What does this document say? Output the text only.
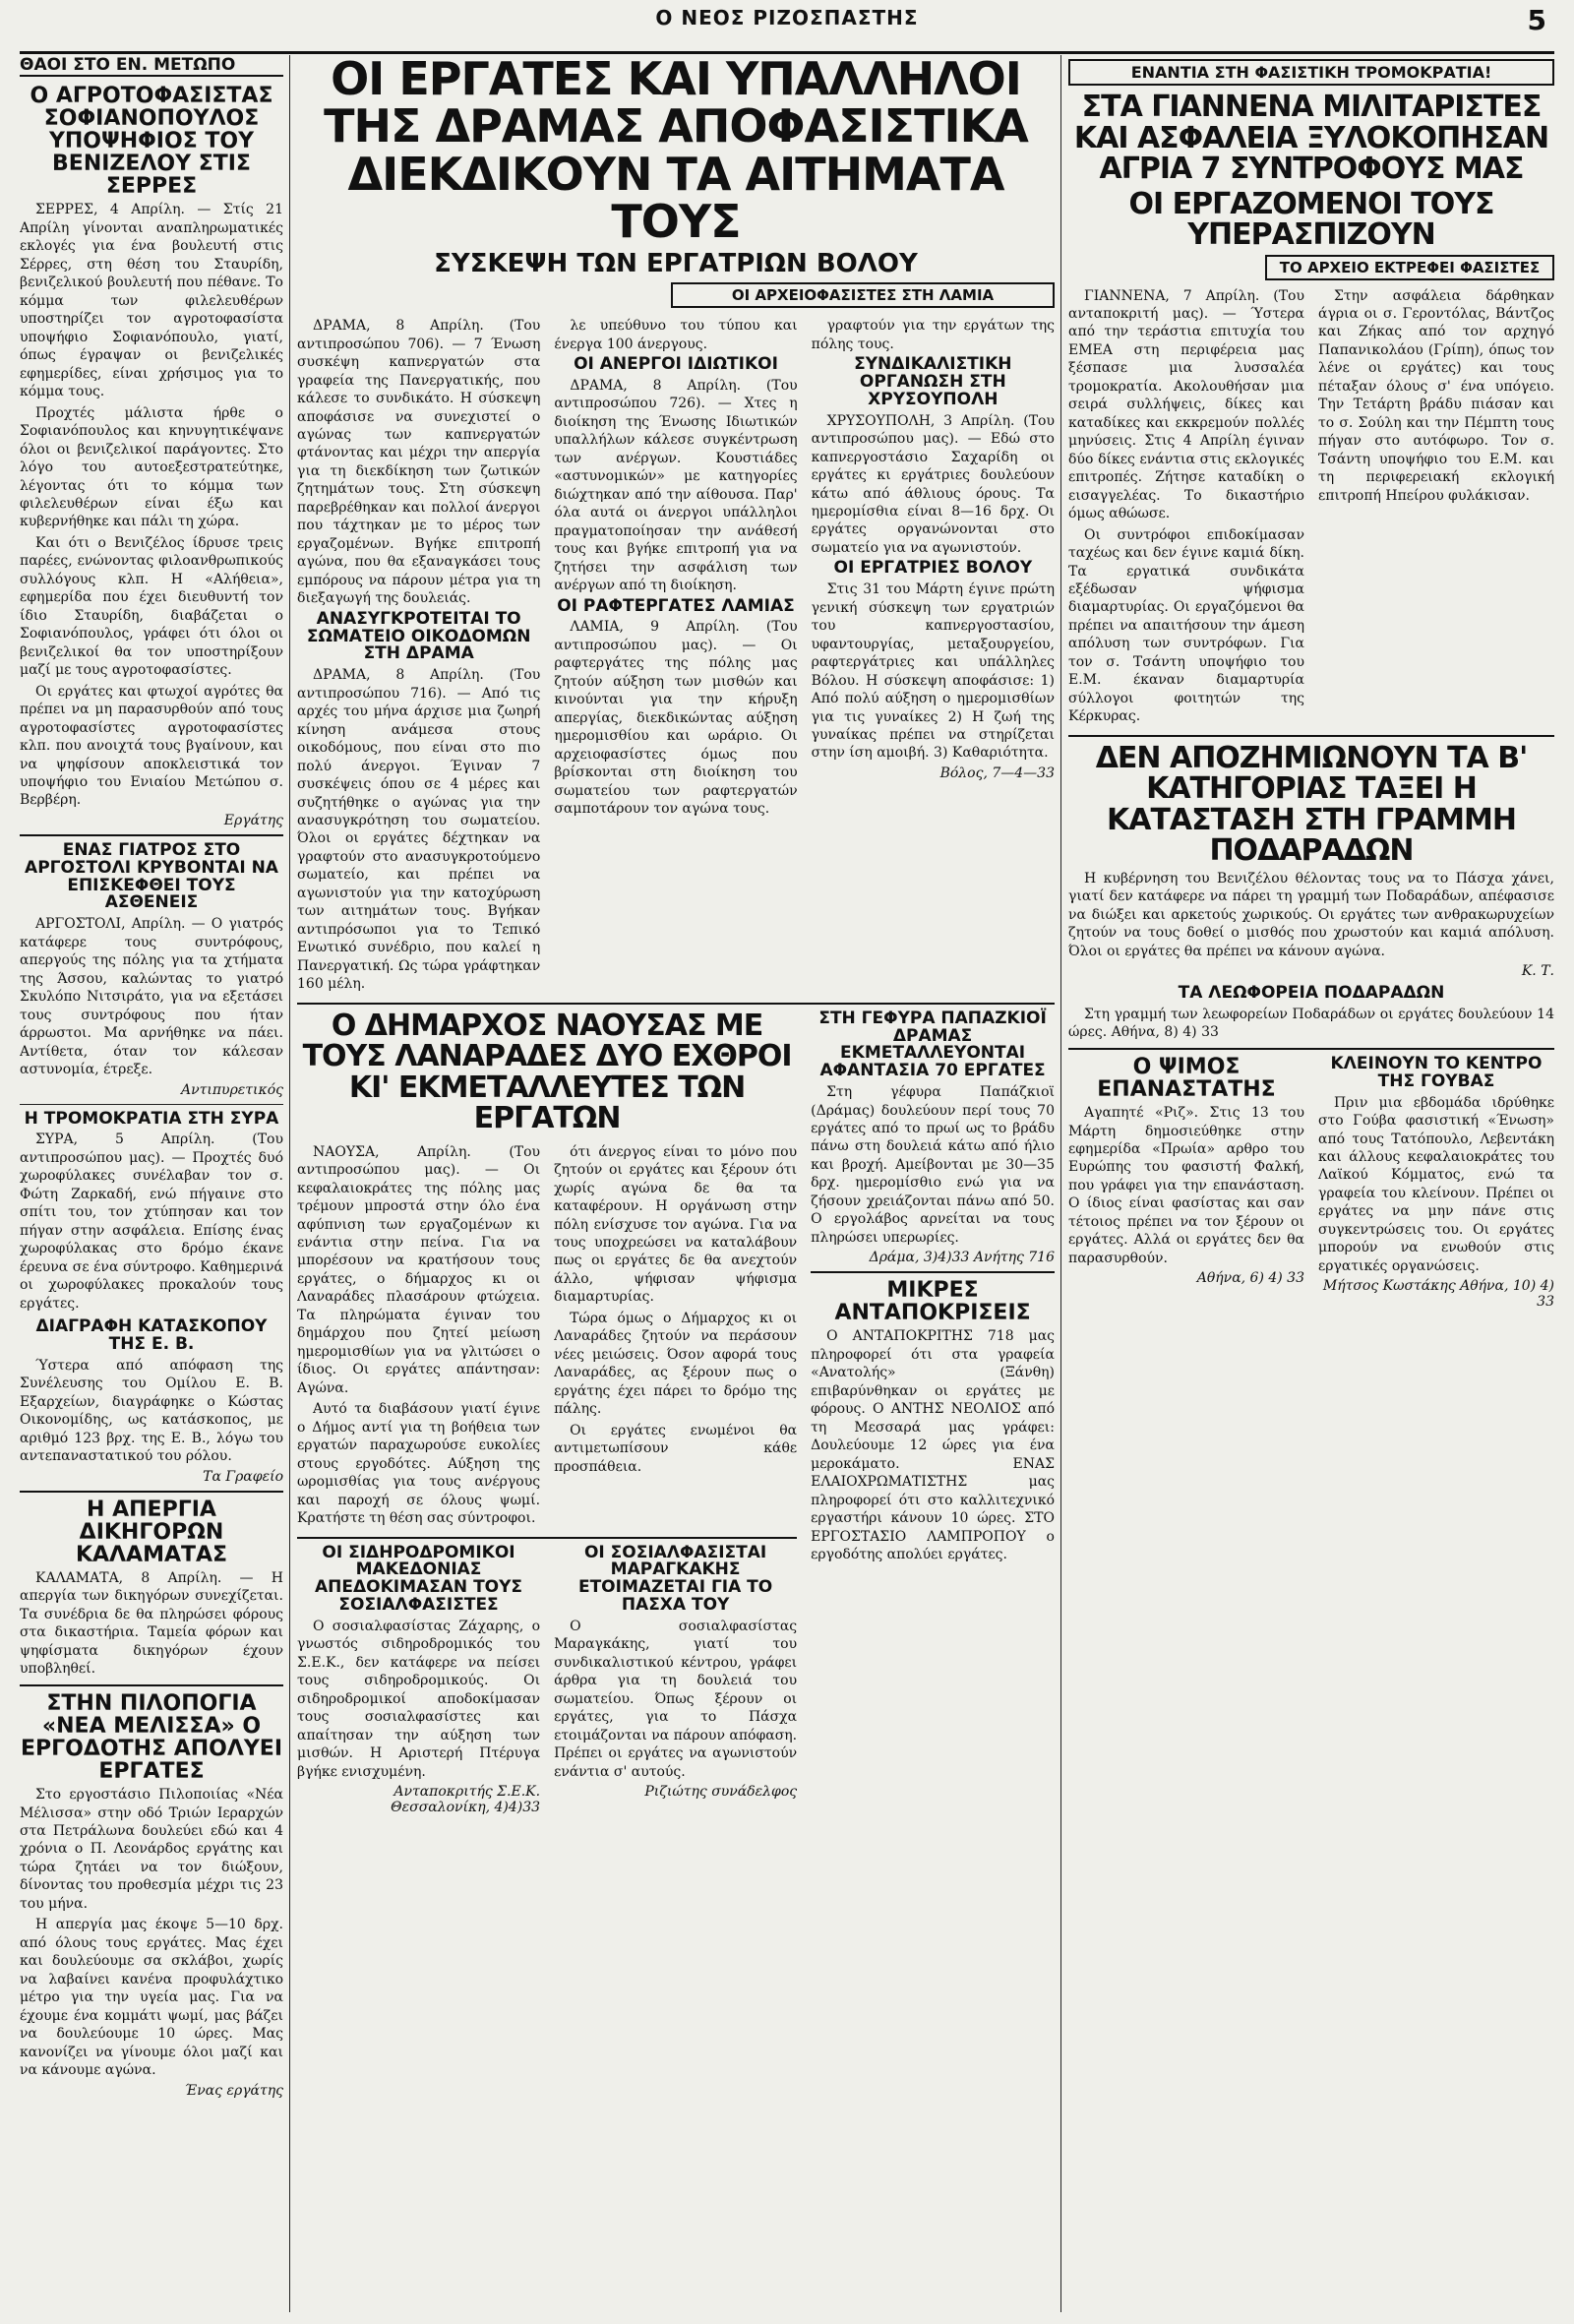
Ο ΝΕΟΣ ΡΙΖΟΣΠΑΣΤΗΣ	5
ΘΑΟΙ ΣΤΟ ΕΝ. ΜΕΤΩΠΟ
Ο ΑΓΡΟΤΟΦΑΣΙΣΤΑΣ ΣΟΦΙΑΝΟΠΟΥΛΟΣ ΥΠΟΨΗΦΙΟΣ ΤΟΥ ΒΕΝΙΖΕΛΟΥ ΣΤΙΣ ΣΕΡΡΕΣ

ΣΕΡΡΕΣ, 4 Απρίλη. — Στίς 21 Απρίλη γίνονται αναπληρωματικές εκλογές για ένα βουλευτή στις Σέρρες, στη θέση του Σταυρίδη, βενιζελικού βουλευτή που πέθανε. Το κόμμα των φιλελευθέρων υποστηρίζει τον αγροτοφασίστα υποψήφιο Σοφιανόπουλο, γιατί, όπως έγραψαν οι βενιζελικές εφημερίδες, είναι χρήσιμος για το κόμμα τους.

Προχτές μάλιστα ήρθε ο Σοφιανόπουλος και κηνυγητικέψανε όλοι οι βενιζελικοί παράγοντες. Στο λόγο του αυτοεξεστρατεύτηκε, λέγοντας ότι το κόμμα των φιλελευθέρων είναι έξω και κυβερνήθηκε και πάλι τη χώρα.

Και ότι ο Βενιζέλος ίδρυσε τρεις παρέες, ενώνοντας φιλοανθρωπικούς συλλόγους κλπ. Η «Αλήθεια», εφημερίδα που έχει διευθυντή τον ίδιο Σταυρίδη, διαβάζεται ο Σοφιανόπουλος, γράφει ότι όλοι οι βενιζελικοί θα τον υποστηρίξουν μαζί με τους αγροτοφασίστες.

Οι εργάτες και φτωχοί αγρότες θα πρέπει να μη παρασυρθούν από τους αγροτοφασίστες αγροτοφασίστες κλπ. που ανοιχτά τους βγαίνουν, και να ψηφίσουν αποκλειστικά τον υποψήφιο του Ενιαίου Μετώπου σ. Βερβέρη.

Εργάτης
ΕΝΑΣ ΓΙΑΤΡΟΣ ΣΤΟ ΑΡΓΟΣΤΟΛΙ ΚΡΥΒΟΝΤΑΙ ΝΑ ΕΠΙΣΚΕΦΘΕΙ ΤΟΥΣ ΑΣΘΕΝΕΙΣ

ΑΡΓΟΣΤΟΛΙ, Απρίλη. — Ο γιατρός κατάφερε τους συντρόφους, απεργούς της πόλης για τα χτήματα της Άσσου, καλώντας το γιατρό Σκυλόπο Νιτσιράτο, για να εξετάσει τους συντρόφους που ήταν άρρωστοι. Μα αρνήθηκε να πάει. Αντίθετα, όταν τον κάλεσαν αστυνομία, έτρεξε.

Αντιπυρετικός
Η ΤΡΟΜΟΚΡΑΤΙΑ ΣΤΗ ΣΥΡΑ

ΣΥΡΑ, 5 Απρίλη. (Του αντιπροσώπου μας). — Προχτές δυό χωροφύλακες συνέλαβαν τον σ. Φώτη Ζαρκαδή, ενώ πήγαινε στο σπίτι του, τον χτύπησαν και τον πήγαν στην ασφάλεια. Επίσης ένας χωροφύλακας στο δρόμο έκανε έρευνα σε ένα σύντροφο. Καθημερινά οι χωροφύλακες προκαλούν τους εργάτες.

ΔΙΑΓΡΑΦΗ ΚΑΤΑΣΚΟΠΟΥ ΤΗΣ Ε. Β.

Ύστερα από απόφαση της Συνέλευσης του Ομίλου Ε. Β. Εξαρχείων, διαγράφηκε ο Κώστας Οικονομίδης, ως κατάσκοπος, με αριθμό 123 βρχ. της Ε. Β., λόγω του αντεπαναστατικού του ρόλου.

Τα Γραφείο
Η ΑΠΕΡΓΙΑ ΔΙΚΗΓΟΡΩΝ ΚΑΛΑΜΑΤΑΣ

ΚΑΛΑΜΑΤΑ, 8 Απρίλη. — Η απεργία των δικηγόρων συνεχίζεται. Τα συνέδρια δε θα πληρώσει φόρους στα δικαστήρια. Ταμεία φόρων και ψηφίσματα δικηγόρων έχουν υποβληθεί.

ΣΤΗΝ ΠΙΛΟΠΟΓΙΑ «ΝΕΑ ΜΕΛΙΣΣΑ» Ο ΕΡΓΟΔΟΤΗΣ ΑΠΟΛΥΕΙ ΕΡΓΑΤΕΣ

Στο εργοστάσιο Πιλοποιίας «Νέα Μέλισσα» στην οδό Τριών Ιεραρχών στα Πετράλωνα δουλεύει εδώ και 4 χρόνια ο Π. Λεονάρδος εργάτης και τώρα ζητάει να τον διώξουν, δίνοντας του προθεσμία μέχρι τις 23 του μήνα.

Η απεργία μας έκοψε 5—10 δρχ. από όλους τους εργάτες. Μας έχει και δουλεύουμε σα σκλάβοι, χωρίς να λαβαίνει κανένα προφυλάχτικο μέτρο για την υγεία μας. Για να έχουμε ένα κομμάτι ψωμί, μας βάζει να δουλεύουμε 10 ώρες. Μας κανονίζει να γίνουμε όλοι μαζί και να κάνουμε αγώνα.

Ένας εργάτης
ΟΙ ΕΡΓΑΤΕΣ ΚΑΙ ΥΠΑΛΛΗΛΟΙ ΤΗΣ ΔΡΑΜΑΣ ΑΠΟΦΑΣΙΣΤΙΚΑ ΔΙΕΚΔΙΚΟΥΝ ΤΑ ΑΙΤΗΜΑΤΑ ΤΟΥΣ
ΣΥΣΚΕΨΗ ΤΩΝ ΕΡΓΑΤΡΙΩΝ ΒΟΛΟΥ
ΟΙ ΑΡΧΕΙΟΦΑΣΙΣΤΕΣ ΣΤΗ ΛΑΜΙΑ

ΔΡΑΜΑ, 8 Απρίλη. (Του αντιπροσώπου 706). — 7 Ένωση συσκέψη καπνεργατών στα γραφεία της Πανεργατικής, που κάλεσε το συνδικάτο. Η σύσκεψη αποφάσισε να συνεχιστεί ο αγώνας των καπνεργατών φτάνοντας και μέχρι την απεργία για τη διεκδίκηση των ζωτικών ζητημάτων τους. Στη σύσκεψη παρεβρέθηκαν και πολλοί άνεργοι που τάχτηκαν με το μέρος των εργαζομένων. Βγήκε επιτροπή αγώνα, που θα εξαναγκάσει τους εμπόρους να πάρουν μέτρα για τη διεξαγωγή της δουλειάς.

ΑΝΑΣΥΓΚΡΟΤΕΙΤΑΙ ΤΟ ΣΩΜΑΤΕΙΟ ΟΙΚΟΔΟΜΩΝ ΣΤΗ ΔΡΑΜΑ

ΔΡΑΜΑ, 8 Απρίλη. (Του αντιπροσώπου 716). — Από τις αρχές του μήνα άρχισε μια ζωηρή κίνηση ανάμεσα στους οικοδόμους, που είναι στο πιο πολύ άνεργοι. Έγιναν 7 συσκέψεις όπου σε 4 μέρες και συζητήθηκε ο αγώνας για την ανασυγκρότηση του σωματείου. Όλοι οι εργάτες δέχτηκαν να γραφτούν στο ανασυγκροτούμενο σωματείο, και πρέπει να αγωνιστούν για την κατοχύρωση των αιτημάτων τους. Βγήκαν αντιπρόσωποι για το Τεπικό Ενωτικό συνέδριο, που καλεί η Πανεργατική. Ως τώρα γράφτηκαν 160 μέλη.

λε υπεύθυνο του τύπου και ένεργα 100 άνεργους.

ΟΙ ΑΝΕΡΓΟΙ ΙΔΙΩΤΙΚΟΙ

ΔΡΑΜΑ, 8 Απρίλη. (Του αντιπροσώπου 726). — Χτες η διοίκηση της Ένωσης Ιδιωτικών υπαλλήλων κάλεσε συγκέντρωση των ανέργων. Κουστιάδες «αστυνομικών» με κατηγορίες διώχτηκαν από την αίθουσα. Παρ' όλα αυτά οι άνεργοι υπάλληλοι πραγματοποίησαν την ανάθεσή τους και βγήκε επιτροπή για να ζητήσει την ασφάλιση των ανέργων από τη διοίκηση.

ΟΙ ΡΑΦΤΕΡΓΑΤΕΣ ΛΑΜΙΑΣ

ΛΑΜΙΑ, 9 Απρίλη. (Του αντιπροσώπου μας). — Οι ραφτεργάτες της πόλης μας ζητούν αύξηση των μισθών και κινούνται για την κήρυξη απεργίας, διεκδικώντας αύξηση ημερομισθίου και ωράριο. Οι αρχειοφασίστες όμως που βρίσκονται στη διοίκηση του σωματείου των ραφτεργατών σαμποτάρουν τον αγώνα τους.

γραφτούν για την εργάτων της πόλης τους.

ΣΥΝΔΙΚΑΛΙΣΤΙΚΗ ΟΡΓΑΝΩΣΗ ΣΤΗ ΧΡΥΣΟΥΠΟΛΗ

ΧΡΥΣΟΥΠΟΛΗ, 3 Απρίλη. (Του αντιπροσώπου μας). — Εδώ στο καπνεργοστάσιο Σαχαρίδη οι εργάτες κι εργάτριες δουλεύουν κάτω από άθλιους όρους. Τα ημερομίσθια είναι 8—16 δρχ. Οι εργάτες οργανώνονται στο σωματείο για να αγωνιστούν.

ΟΙ ΕΡΓΑΤΡΙΕΣ ΒΟΛΟΥ

Στις 31 του Μάρτη έγινε πρώτη γενική σύσκεψη των εργατριών του καπνεργοστασίου, υφαντουργίας, μεταξουργείου, ραφτεργάτριες και υπάλληλες Βόλου. Η σύσκεψη αποφάσισε: 1) Από πολύ αύξηση ο ημερομισθίων για τις γυναίκες 2) Η ζωή της γυναίκας πρέπει να στηρίζεται στην ίση αμοιβή. 3) Καθαριότητα.

Βόλος, 7—4—33
Ο ΔΗΜΑΡΧΟΣ ΝΑΟΥΣΑΣ ΜΕ ΤΟΥΣ ΛΑΝΑΡΑΔΕΣ ΔΥΟ ΕΧΘΡΟΙ ΚΙ' ΕΚΜΕΤΑΛΛΕΥΤΕΣ ΤΩΝ ΕΡΓΑΤΩΝ

ΝΑΟΥΣΑ, Απρίλη. (Του αντιπροσώπου μας). — Οι κεφαλαιοκράτες της πόλης μας τρέμουν μπροστά στην όλο ένα αφύπνιση των εργαζομένων κι ενάντια στην πείνα. Για να μπορέσουν να κρατήσουν τους εργάτες, ο δήμαρχος κι οι Λαναράδες πλασάρουν φτώχεια. Τα πληρώματα έγιναν του δημάρχου που ζητεί μείωση ημερομισθίων για να γλιτώσει ο ίδιος. Οι εργάτες απάντησαν: Αγώνα.

Αυτό τα διαβάσουν γιατί έγινε ο Δήμος αντί για τη βοήθεια των εργατών παραχωρούσε ευκολίες στους εργοδότες. Αύξηση της ωρομισθίας για τους ανέργους και παροχή σε όλους ψωμί. Κρατήστε τη θέση σας σύντροφοι.

ότι άνεργος είναι το μόνο που ζητούν οι εργάτες και ξέρουν ότι χωρίς αγώνα δε θα τα καταφέρουν. Η οργάνωση στην πόλη ενίσχυσε τον αγώνα. Για να τους υποχρεώσει να καταλάβουν πως οι εργάτες δε θα ανεχτούν άλλο, ψήφισαν ψήφισμα διαμαρτυρίας.

Τώρα όμως ο Δήμαρχος κι οι Λαναράδες ζητούν να περάσουν νέες μειώσεις. Όσον αφορά τους Λαναράδες, ας ξέρουν πως ο εργάτης έχει πάρει το δρόμο της πάλης.

Οι εργάτες ενωμένοι θα αντιμετωπίσουν κάθε προσπάθεια.

ΟΙ ΣΙΔΗΡΟΔΡΟΜΙΚΟΙ ΜΑΚΕΔΟΝΙΑΣ ΑΠΕΔΟΚΙΜΑΣΑΝ ΤΟΥΣ ΣΟΣΙΑΛΦΑΣΙΣΤΕΣ

Ο σοσιαλφασίστας Ζάχαρης, ο γνωστός σιδηροδρομικός του Σ.Ε.Κ., δεν κατάφερε να πείσει τους σιδηροδρομικούς. Οι σιδηροδρομικοί αποδοκίμασαν τους σοσιαλφασίστες και απαίτησαν την αύξηση των μισθών. Η Αριστερή Πτέρυγα βγήκε ενισχυμένη.

Ανταποκριτής Σ.Ε.Κ. Θεσσαλονίκη, 4)4)33
ΟΙ ΣΟΣΙΑΛΦΑΣΙΣΤΑΙ ΜΑΡΑΓΚΑΚΗΣ ΕΤΟΙΜΑΖΕΤΑΙ ΓΙΑ ΤΟ ΠΑΣΧΑ ΤΟΥ

Ο σοσιαλφασίστας Μαραγκάκης, γιατί του συνδικαλιστικού κέντρου, γράφει άρθρα για τη δουλειά του σωματείου. Όπως ξέρουν οι εργάτες, για το Πάσχα ετοιμάζονται να πάρουν απόφαση. Πρέπει οι εργάτες να αγωνιστούν ενάντια σ' αυτούς.

Ριζιώτης συνάδελφος
ΣΤΗ ΓΕΦΥΡΑ ΠΑΠΑΖΚΙΟΪ ΔΡΑΜΑΣ ΕΚΜΕΤΑΛΛΕΥΟΝΤΑΙ ΑΦΑΝΤΑΣΙΑ 70 ΕΡΓΑΤΕΣ

Στη γέφυρα Παπάζκιοϊ (Δράμας) δουλεύουν περί τους 70 εργάτες από το πρωί ως το βράδυ πάνω στη δουλειά κάτω από ήλιο και βροχή. Αμείβονται με 30—35 δρχ. ημερομίσθιο ενώ για να ζήσουν χρειάζονται πάνω από 50. Ο εργολάβος αρνείται να τους πληρώσει υπερωρίες.

Δράμα, 3)4)33 Ανήτης 716
ΜΙΚΡΕΣ ΑΝΤΑΠΟΚΡΙΣΕΙΣ

Ο ΑΝΤΑΠΟΚΡΙΤΗΣ 718 μας πληροφορεί ότι στα γραφεία «Ανατολής» (Ξάνθη) επιβαρύνθηκαν οι εργάτες με φόρους. Ο ΑΝΤΗΣ ΝΕΟΛΙΟΣ από τη Μεσσαρά μας γράφει: Δουλεύουμε 12 ώρες για ένα μεροκάματο. ΕΝΑΣ ΕΛΑΙΟΧΡΩΜΑΤΙΣΤΗΣ μας πληροφορεί ότι στο καλλιτεχνικό εργαστήρι κάνουν 10 ώρες. ΣΤΟ ΕΡΓΟΣΤΑΣΙΟ ΛΑΜΠΡΟΠΟΥ ο εργοδότης απολύει εργάτες.

ΕΝΑΝΤΙΑ ΣΤΗ ΦΑΣΙΣΤΙΚΗ ΤΡΟΜΟΚΡΑΤΙΑ!
ΣΤΑ ΓΙΑΝΝΕΝΑ ΜΙΛΙΤΑΡΙΣΤΕΣ ΚΑΙ ΑΣΦΑΛΕΙΑ ΞΥΛΟΚΟΠΗΣΑΝ ΑΓΡΙΑ 7 ΣΥΝΤΡΟΦΟΥΣ ΜΑΣ
ΟΙ ΕΡΓΑΖΟΜΕΝΟΙ ΤΟΥΣ ΥΠΕΡΑΣΠΙΖΟΥΝ
ΤΟ ΑΡΧΕΙΟ ΕΚΤΡΕΦΕΙ ΦΑΣΙΣΤΕΣ

ΓΙΑΝΝΕΝΑ, 7 Απρίλη. (Του ανταποκριτή μας). — Ύστερα από την τεράστια επιτυχία του ΕΜΕΑ στη περιφέρεια μας ξέσπασε μια λυσσαλέα τρομοκρατία. Ακολουθήσαν μια σειρά συλλήψεις, δίκες και καταδίκες και εκκρεμούν πολλές μηνύσεις. Στις 4 Απρίλη έγιναν δύο δίκες ενάντια στις εκλογικές επιτροπές. Ζήτησε καταδίκη ο εισαγγελέας. Το δικαστήριο όμως αθώωσε.

Οι συντρόφοι επιδοκίμασαν ταχέως και δεν έγινε καμιά δίκη. Τα εργατικά συνδικάτα εξέδωσαν ψήφισμα διαμαρτυρίας. Οι εργαζόμενοι θα πρέπει να απαιτήσουν την άμεση απόλυση των συντρόφων. Για τον σ. Τσάντη υποψήφιο του Ε.Μ. έκαναν διαμαρτυρία σύλλογοι φοιτητών της Κέρκυρας.

Στην ασφάλεια δάρθηκαν άγρια οι σ. Γεροντόλας, Βάντζος και Ζήκας από τον αρχηγό Παπανικολάου (Γρίπη), όπως τον λένε οι εργάτες) και τους πέταξαν όλους σ' ένα υπόγειο. Την Τετάρτη βράδυ πιάσαν και το σ. Σούλη και την Πέμπτη τους πήγαν στο αυτόφωρο. Τον σ. Τσάντη υποψήφιο του Ε.Μ. και τη περιφερειακή εκλογική επιτροπή Ηπείρου φυλάκισαν.

ΔΕΝ ΑΠΟΖΗΜΙΩΝΟΥΝ ΤΑ Β' ΚΑΤΗΓΟΡΙΑΣ ΤΑΞΕΙ Η ΚΑΤΑΣΤΑΣΗ ΣΤΗ ΓΡΑΜΜΗ ΠΟΔΑΡΑΔΩΝ

Η κυβέρνηση του Βενιζέλου θέλοντας τους να το Πάσχα χάνει, γιατί δεν κατάφερε να πάρει τη γραμμή των Ποδαράδων, απέφασισε να διώξει και αρκετούς χωρικούς. Οι εργάτες των ανθρακωρυχείων ζητούν να τους δοθεί ο μισθός που χρωστούν και καμιά απόλυση. Όλοι οι εργάτες θα πρέπει να κάνουν αγώνα.

Κ. Τ.
ΤΑ ΛΕΩΦΟΡΕΙΑ ΠΟΔΑΡΑΔΩΝ

Στη γραμμή των λεωφορείων Ποδαράδων οι εργάτες δουλεύουν 14 ώρες. Αθήνα, 8) 4) 33

Ο ΨΙΜΟΣ ΕΠΑΝΑΣΤΑΤΗΣ

Αγαπητέ «Ριζ». Στις 13 του Μάρτη δημοσιεύθηκε στην εφημερίδα «Πρωία» αρθρο του Ευρώπης του φασιστή Φαλκή, που γράφει για την επανάσταση. Ο ίδιος είναι φασίστας και σαν τέτοιος πρέπει να τον ξέρουν οι εργάτες. Αλλά οι εργάτες δεν θα παρασυρθούν.

Αθήνα, 6) 4) 33
ΚΛΕΙΝΟΥΝ ΤΟ ΚΕΝΤΡΟ ΤΗΣ ΓΟΥΒΑΣ

Πριν μια εβδομάδα ιδρύθηκε στο Γούβα φασιστική «Ένωση» από τους Τατόπουλο, Λεβεντάκη και άλλους κεφαλαιοκράτες του Λαϊκού Κόμματος, ενώ τα γραφεία του κλείνουν. Πρέπει οι εργάτες να μην πάνε στις συγκεντρώσεις του. Οι εργάτες μπορούν να ενωθούν στις εργατικές οργανώσεις.

Μήτσος Κωστάκης Αθήνα, 10) 4) 33
